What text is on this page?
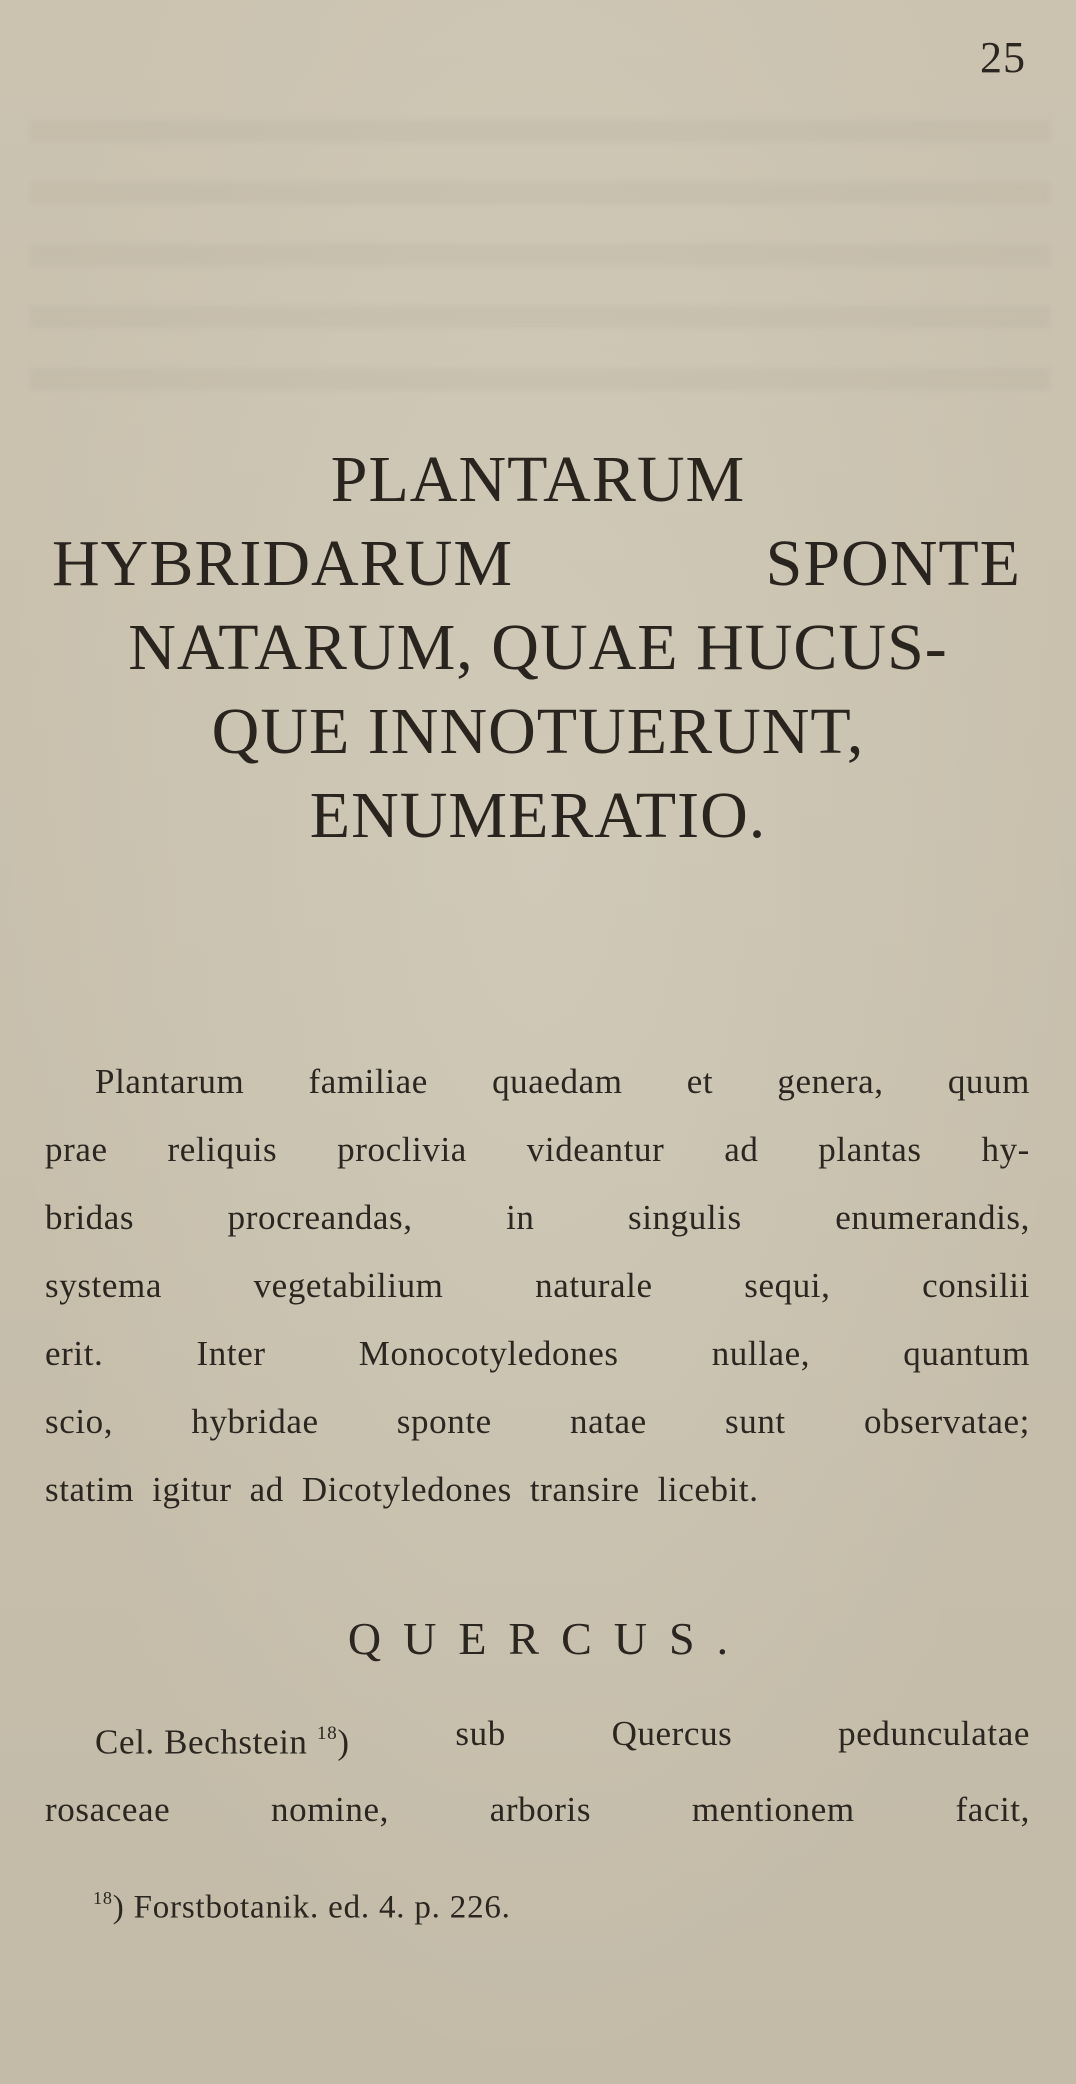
25
PLANTARUM
HYBRIDARUM	SPONTE
NATARUM, QUAE HUCUS-
QUE INNOTUERUNT,
ENUMERATIO.
Plantarum familiae quaedam et genera, quum
prae reliquis proclivia videantur ad plantas hy-
bridas	procreandas,	in	singulis	enumerandis,
systema	vegetabilium	naturale	sequi,	consilii
erit.	Inter	Monocotyledones	nullae,	quantum
scio, hybridae sponte natae sunt observatae;
statim igitur ad Dicotyledones transire licebit.
QUERCUS.
Cel. Bechstein $^{18}$)	sub	Quercus	pedunculatae
rosaceae	nomine,	arboris	mentionem	facit,
$^{18}$) Forstbotanik. ed. 4. p. 226.
